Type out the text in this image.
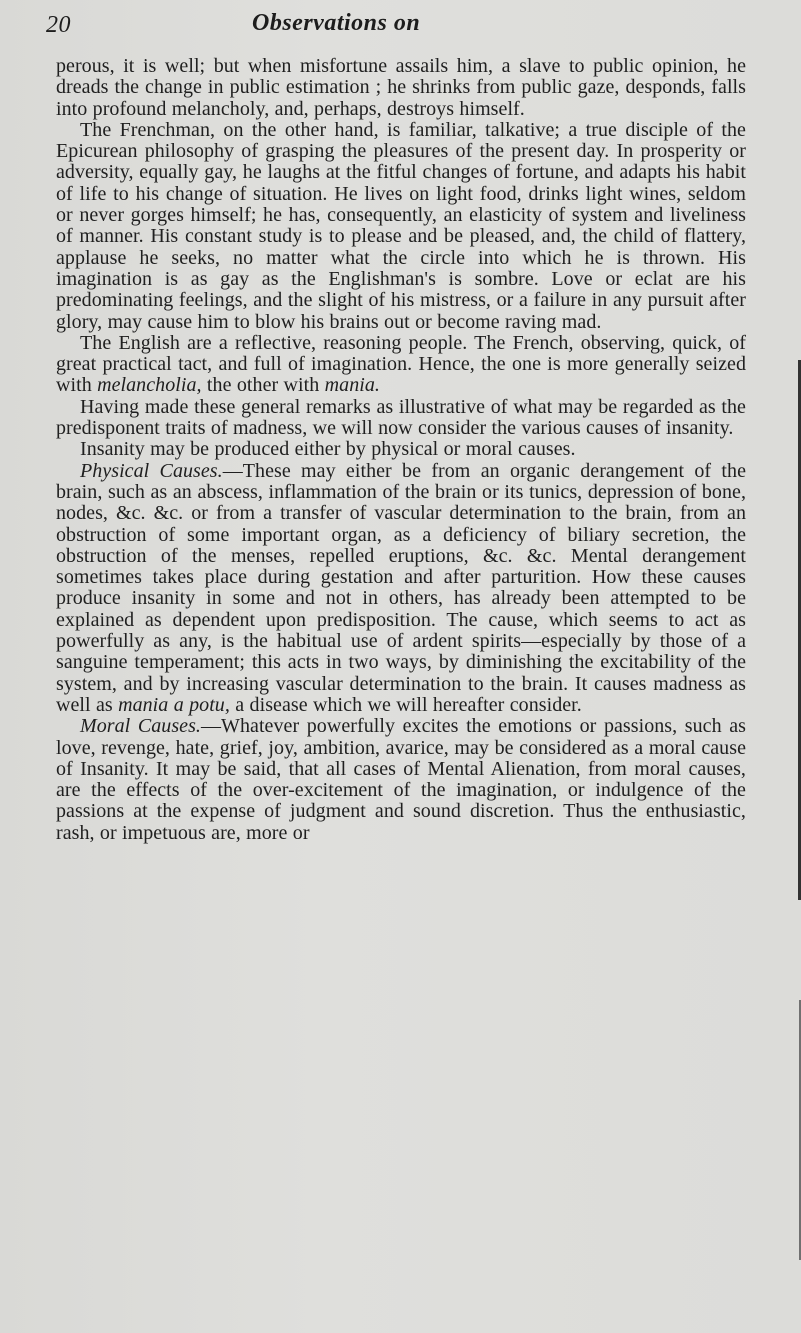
20	Observations on

perous, it is well; but when misfortune assails him, a slave to public opinion, he dreads the change in public estimation ; he shrinks from public gaze, desponds, falls into profound melancholy, and, perhaps, destroys himself.

The Frenchman, on the other hand, is familiar, talkative; a true disciple of the Epicurean philosophy of grasping the pleasures of the present day. In prosperity or adversity, equally gay, he laughs at the fitful changes of fortune, and adapts his habit of life to his change of situation. He lives on light food, drinks light wines, seldom or never gorges himself; he has, consequently, an elasticity of system and liveliness of manner. His constant study is to please and be pleased, and, the child of flattery, applause he seeks, no matter what the circle into which he is thrown. His imagination is as gay as the Englishman's is sombre. Love or eclat are his predominating feelings, and the slight of his mistress, or a failure in any pursuit after glory, may cause him to blow his brains out or become raving mad.

The English are a reflective, reasoning people. The French, observing, quick, of great practical tact, and full of imagination. Hence, the one is more generally seized with melancholia, the other with mania.

Having made these general remarks as illustrative of what may be regarded as the predisponent traits of madness, we will now consider the various causes of insanity.

Insanity may be produced either by physical or moral causes.

Physical Causes.—These may either be from an organic derangement of the brain, such as an abscess, inflammation of the brain or its tunics, depression of bone, nodes, &c. &c. or from a transfer of vascular determination to the brain, from an obstruction of some important organ, as a deficiency of biliary secretion, the obstruction of the menses, repelled eruptions, &c. &c. Mental derangement sometimes takes place during gestation and after parturition. How these causes produce insanity in some and not in others, has already been attempted to be explained as dependent upon predisposition. The cause, which seems to act as powerfully as any, is the habitual use of ardent spirits—especially by those of a sanguine temperament; this acts in two ways, by diminishing the excitability of the system, and by increasing vascular determination to the brain. It causes madness as well as mania a potu, a disease which we will hereafter consider.

Moral Causes.—Whatever powerfully excites the emotions or passions, such as love, revenge, hate, grief, joy, ambition, avarice, may be considered as a moral cause of Insanity. It may be said, that all cases of Mental Alienation, from moral causes, are the effects of the over-excitement of the imagination, or indulgence of the passions at the expense of judgment and sound discretion. Thus the enthusiastic, rash, or impetuous are, more or
